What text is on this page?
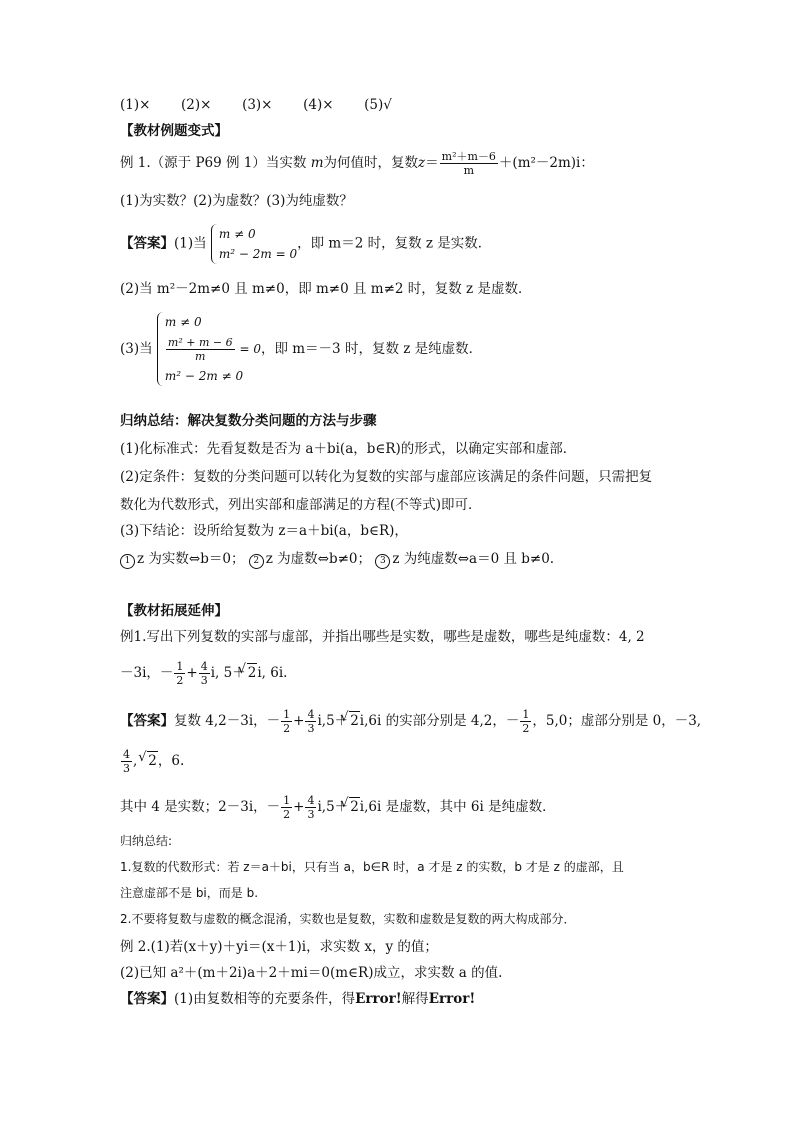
(1)× (2)× (3)× (4)× (5)√
【教材例题变式】
例 1.（源于 P69 例 1）当实数 m为何值时，复数$z= \frac{\text{m²＋m－6}}{m} +(m^2-2m)i$：
(1)为实数？(2)为虚数？(3)为纯虚数？
【答案】(1)当
m ≠ 0
m² − 2m = 0
，即 m＝2 时，复数 z 是实数．
(2)当 m²－2m≠0 且 m≠0，即 m≠0 且 m≠2 时，复数 z 是虚数．
(3)当
m ≠ 0
$\frac{\text{m² + m − 6}}{m} = 0$
m² − 2m ≠ 0
，即 m＝－3 时，复数 z 是纯虚数．
归纳总结：解决复数分类问题的方法与步骤
(1)化标准式：先看复数是否为 a＋bi(a，b∈R)的形式，以确定实部和虚部．
(2)定条件：复数的分类问题可以转化为复数的实部与虚部应该满足的条件问题，只需把复
数化为代数形式，列出实部和虚部满足的方程(不等式)即可．
(3)下结论：设所给复数为 z＝a＋bi(a，b∈R)，
1 z 为实数⇔b＝0； 2 z 为虚数⇔b≠0； 3 z 为纯虚数⇔a＝0 且 b≠0.
【教材拓展延伸】
例1.写出下列复数的实部与虚部，并指出哪些是实数，哪些是虚数，哪些是纯虚数：4, 2
－3i，－ $\frac{1}{2} + \frac{4}{3} i$, 5＋√ 2i, 6i.
【答案】复数 4,2－3i，－ $\frac{1}{2} + \frac{4}{3} i,5+√$ 2i,6i 的实部分别是 4,2，－ $\frac{1}{2}$ ，5,0；虚部分别是 0，－3,
$\frac{4}{3}$ ,√ 2，6.
其中 4 是实数；2－3i，－ $\frac{1}{2} + \frac{4}{3} i,5+√$ 2i,6i 是虚数，其中 6i 是纯虚数．
归纳总结:
1.复数的代数形式：若 z＝a＋bi，只有当 a，b∈R 时，a 才是 z 的实数，b 才是 z 的虚部，且
注意虚部不是 bi，而是 b.
2.不要将复数与虚数的概念混淆，实数也是复数，实数和虚数是复数的两大构成部分．
例 2.(1)若(x＋y)＋yi＝(x＋1)i，求实数 x，y 的值；
(2)已知 a²＋(m＋2i)a＋2＋mi＝0(m∈R)成立，求实数 a 的值.
【答案】(1)由复数相等的充要条件，得Error!解得Error!
